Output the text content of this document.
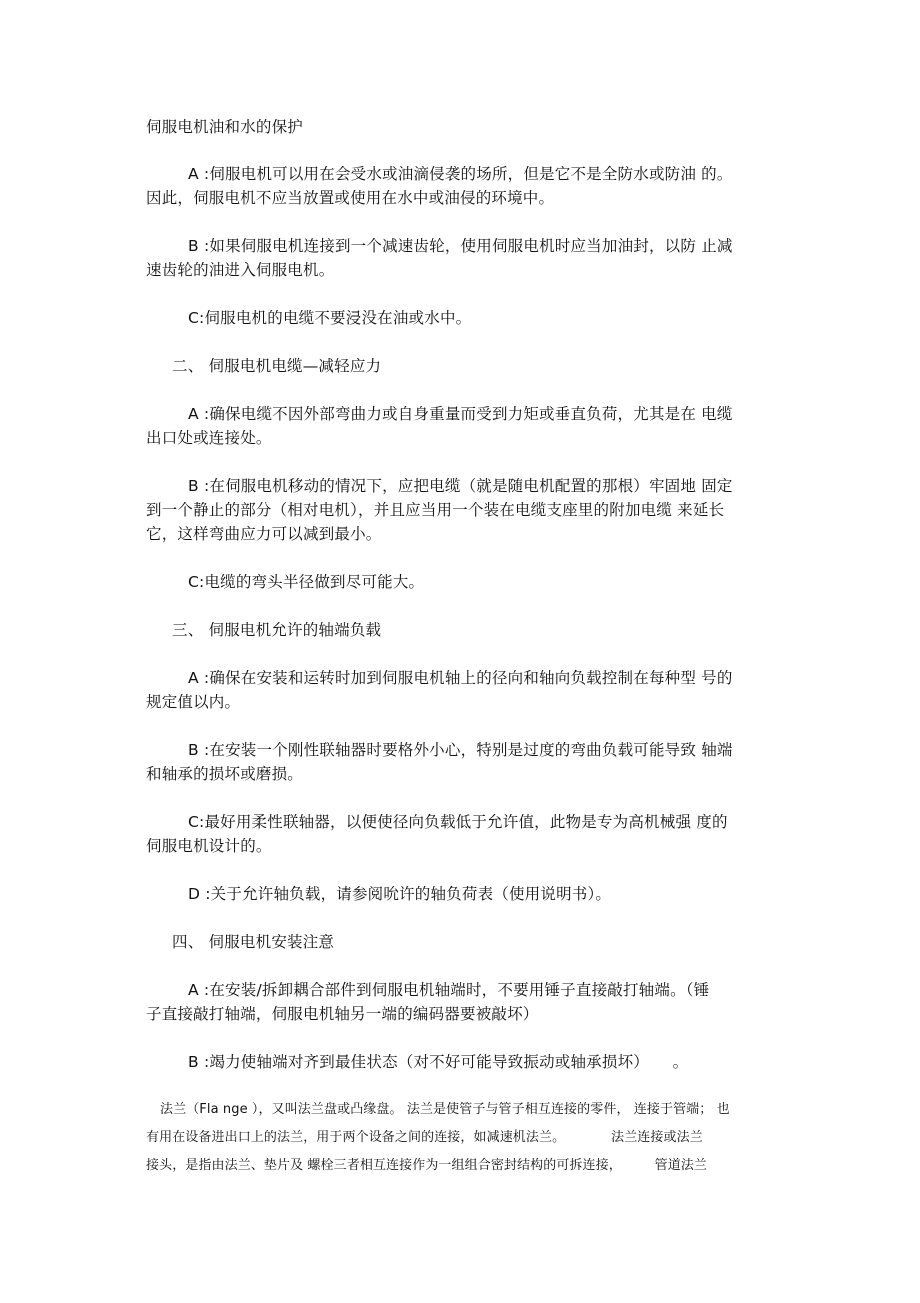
伺服电机油和水的保护
A :伺服电机可以用在会受水或油滴侵袭的场所，但是它不是全防水或防油 的。
因此，伺服电机不应当放置或使用在水中或油侵的环境中。
B :如果伺服电机连接到一个减速齿轮，使用伺服电机时应当加油封，以防 止减
速齿轮的油进入伺服电机。
C:伺服电机的电缆不要浸没在油或水中。
二、 伺服电机电缆—减轻应力
A :确保电缆不因外部弯曲力或自身重量而受到力矩或垂直负荷，尤其是在 电缆
出口处或连接处。
B :在伺服电机移动的情况下，应把电缆（就是随电机配置的那根）牢固地 固定
到一个静止的部分（相对电机），并且应当用一个装在电缆支座里的附加电缆 来延长
它，这样弯曲应力可以减到最小。
C:电缆的弯头半径做到尽可能大。
三、 伺服电机允许的轴端负载
A :确保在安装和运转时加到伺服电机轴上的径向和轴向负载控制在每种型 号的
规定值以内。
B :在安装一个刚性联轴器时要格外小心，特别是过度的弯曲负载可能导致 轴端
和轴承的损坏或磨损。
C:最好用柔性联轴器，以便使径向负载低于允许值，此物是专为高机械强 度的
伺服电机设计的。
D :关于允许轴负载，请参阅吮许的轴负荷表（使用说明书）。
四、 伺服电机安装注意
A :在安装/拆卸耦合部件到伺服电机轴端时，不要用锤子直接敲打轴端。（锤
子直接敲打轴端，伺服电机轴另一端的编码器要被敲坏）
B :竭力使轴端对齐到最佳状态（对不好可能导致振动或轴承损坏）　　。
法兰（Fla nge ），又叫法兰盘或凸缘盘。 法兰是使管子与管子相互连接的零件， 连接于管端； 也
有用在设备进出口上的法兰，用于两个设备之间的连接，如减速机法兰。　　　　法兰连接或法兰
接头，是指由法兰、垫片及 螺栓三者相互连接作为一组组合密封结构的可拆连接，　　　管道法兰
